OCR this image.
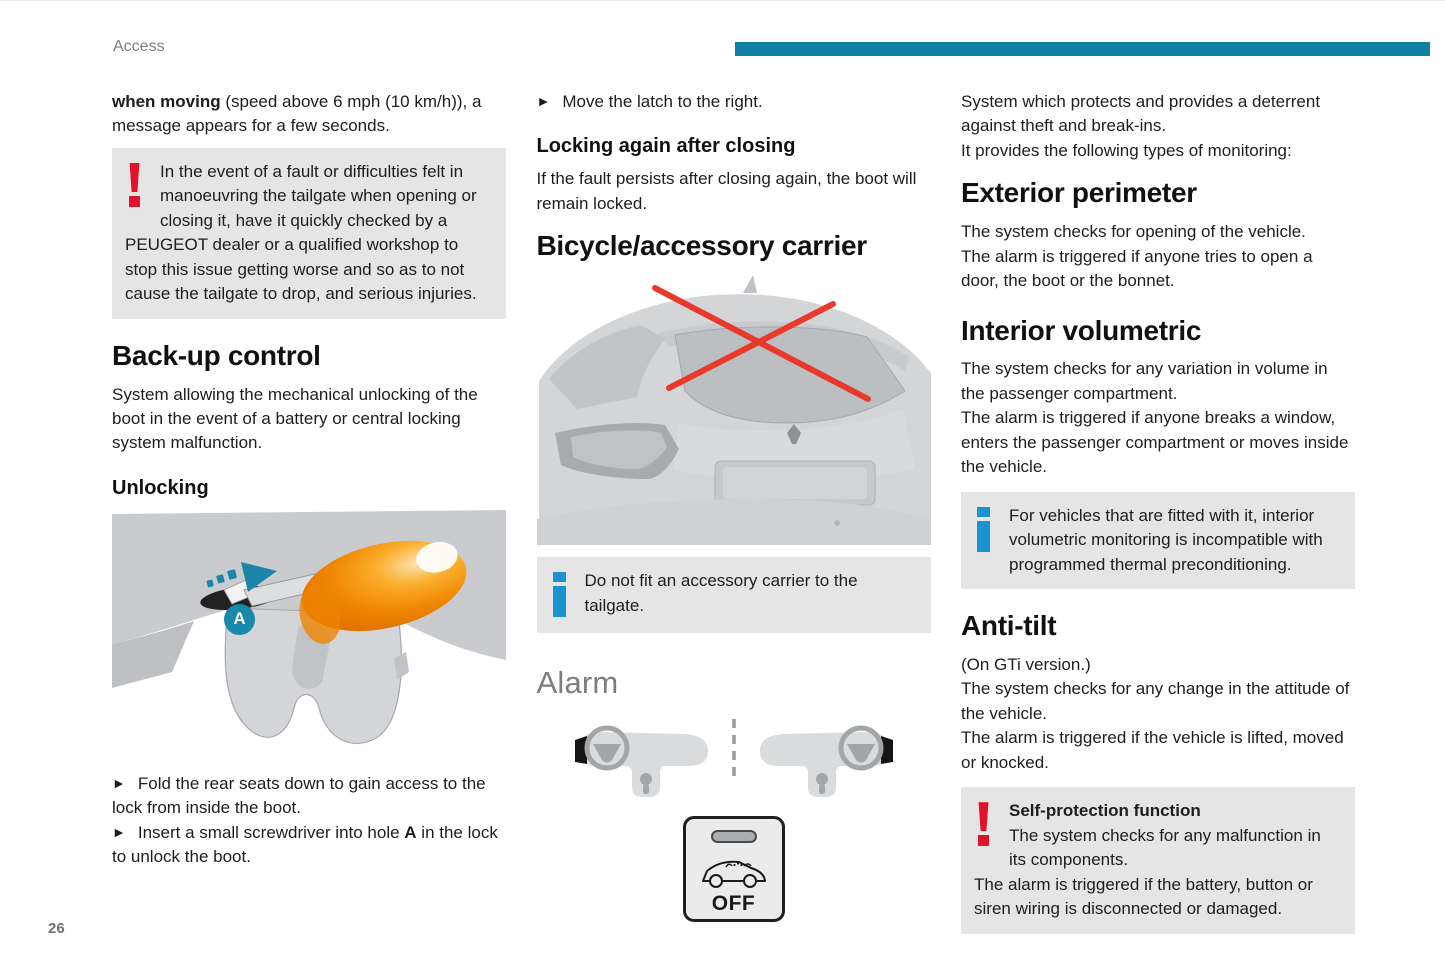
Access

when moving (speed above 6 mph (10 km/h)), a message appears for a few seconds.

In the event of a fault or difficulties felt in manoeuvring the tailgate when opening or closing it, have it quickly checked by a PEUGEOT dealer or a qualified workshop to stop this issue getting worse and so as to not cause the tailgate to drop, and serious injuries.
Back-up control

System allowing the mechanical unlocking of the boot in the event of a battery or central locking system malfunction.

Unlocking
A

► Fold the rear seats down to gain access to the lock from inside the boot.

► Insert a small screwdriver into hole A in the lock to unlock the boot.

► Move the latch to the right.

Locking again after closing

If the fault persists after closing again, the boot will remain locked.

Bicycle/accessory carrier
Do not fit an accessory carrier to the tailgate.
Alarm
OFF

System which protects and provides a deterrent against theft and break-ins.
It provides the following types of monitoring:

Exterior perimeter
The system checks for opening of the vehicle.
The alarm is triggered if anyone tries to open a door, the boot or the bonnet.
Interior volumetric
The system checks for any variation in volume in the passenger compartment.
The alarm is triggered if anyone breaks a window, enters the passenger compartment or moves inside the vehicle.
For vehicles that are fitted with it, interior volumetric monitoring is incompatible with programmed thermal preconditioning.
Anti-tilt
(On GTi version.)
The system checks for any change in the attitude of the vehicle.
The alarm is triggered if the vehicle is lifted, moved or knocked.
Self-protection function
The system checks for any malfunction in its components.
The alarm is triggered if the battery, button or siren wiring is disconnected or damaged.
26
